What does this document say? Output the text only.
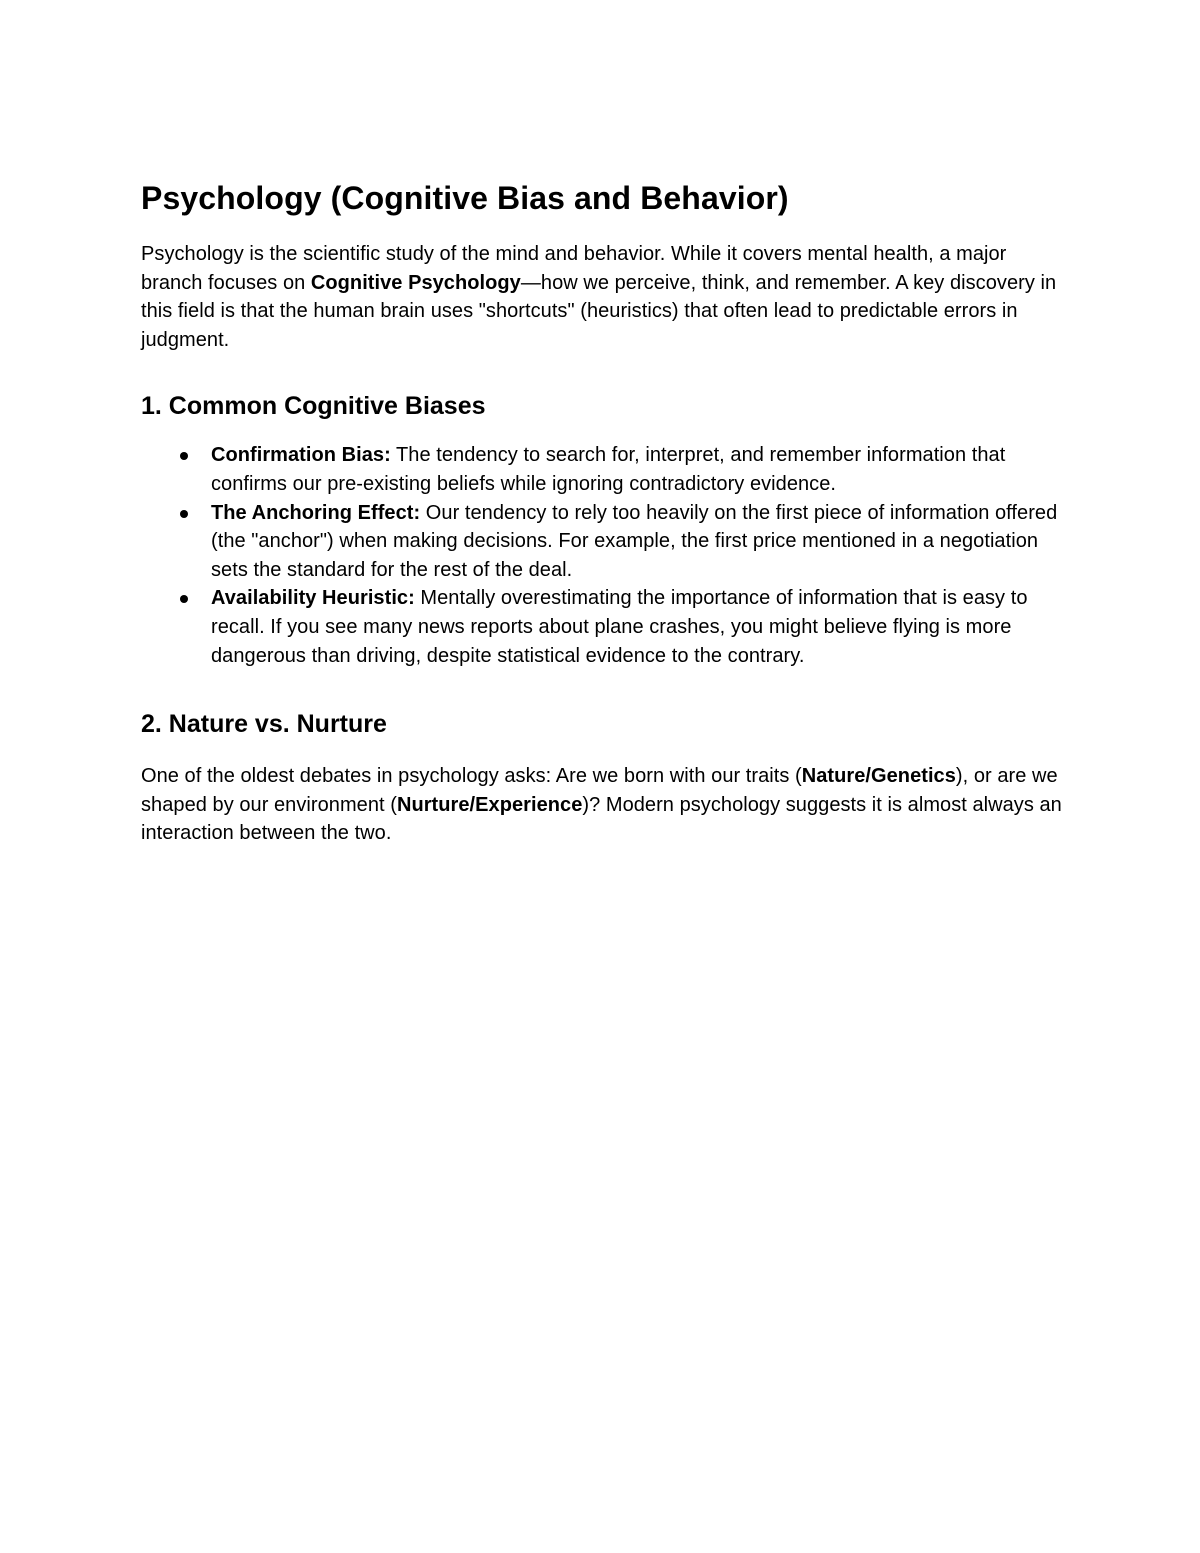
Psychology (Cognitive Bias and Behavior)

Psychology is the scientific study of the mind and behavior. While it covers mental health, a major branch focuses on Cognitive Psychology—how we perceive, think, and remember. A key discovery in this field is that the human brain uses "shortcuts" (heuristics) that often lead to predictable errors in judgment.

1. Common Cognitive Biases
Confirmation Bias: The tendency to search for, interpret, and remember information that confirms our pre-existing beliefs while ignoring contradictory evidence.
The Anchoring Effect: Our tendency to rely too heavily on the first piece of information offered (the "anchor") when making decisions. For example, the first price mentioned in a negotiation sets the standard for the rest of the deal.
Availability Heuristic: Mentally overestimating the importance of information that is easy to recall. If you see many news reports about plane crashes, you might believe flying is more dangerous than driving, despite statistical evidence to the contrary.
2. Nature vs. Nurture

One of the oldest debates in psychology asks: Are we born with our traits (Nature/Genetics), or are we shaped by our environment (Nurture/Experience)? Modern psychology suggests it is almost always an interaction between the two.
